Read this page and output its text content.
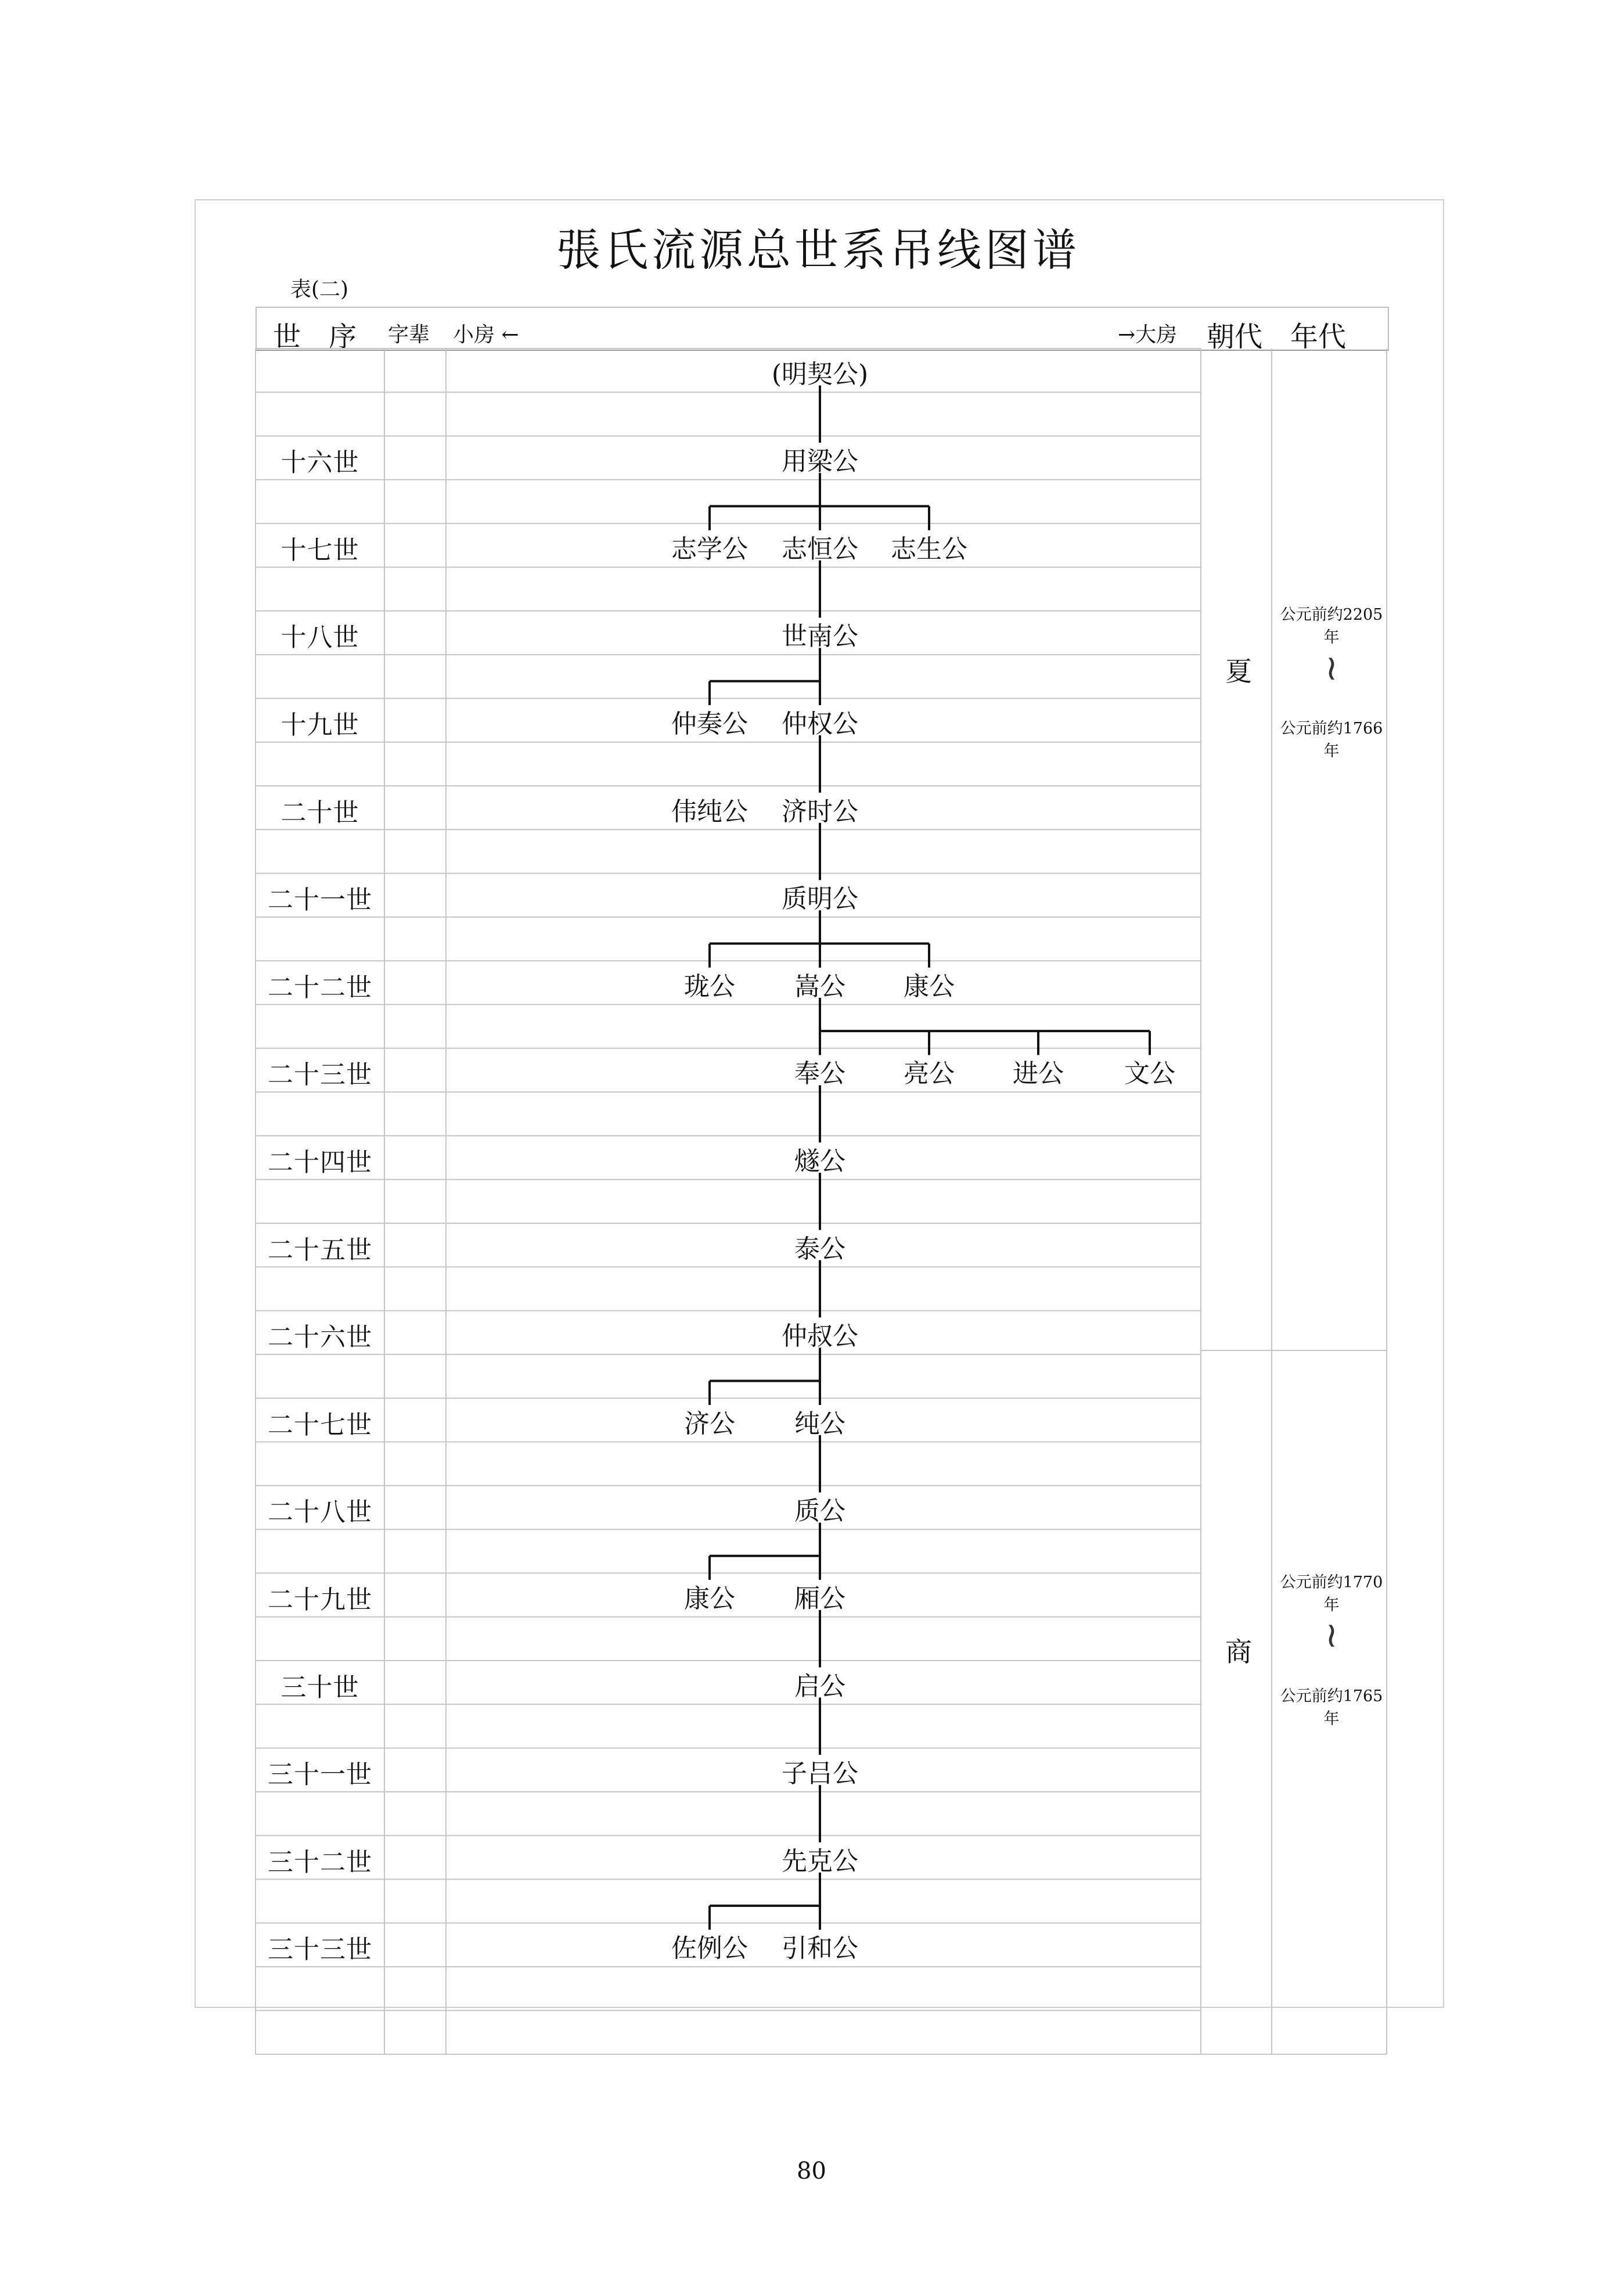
張氏流源总世系吊线图谱
表(二)
世　序 字辈 小房 ←	→大房 朝代 年代
十六世
十七世
十八世
十九世
二十世
二十一世
二十二世
二十三世
二十四世
二十五世
二十六世
二十七世
二十八世
二十九世
三十世
三十一世
三十二世
三十三世
(明契公)
用梁公
志学公 志恒公 志生公
世南公
仲奏公 仲权公
伟纯公 济时公
质明公
珑公 嵩公 康公
奉公 亮公 进公 文公
燧公
泰公
仲叔公
济公 纯公
质公
康公 厢公
启公
子吕公
先克公
佐例公 引和公
夏
公元前约2205年
≀
公元前约1766年
商
公元前约1770年
≀
公元前约1765年
80
